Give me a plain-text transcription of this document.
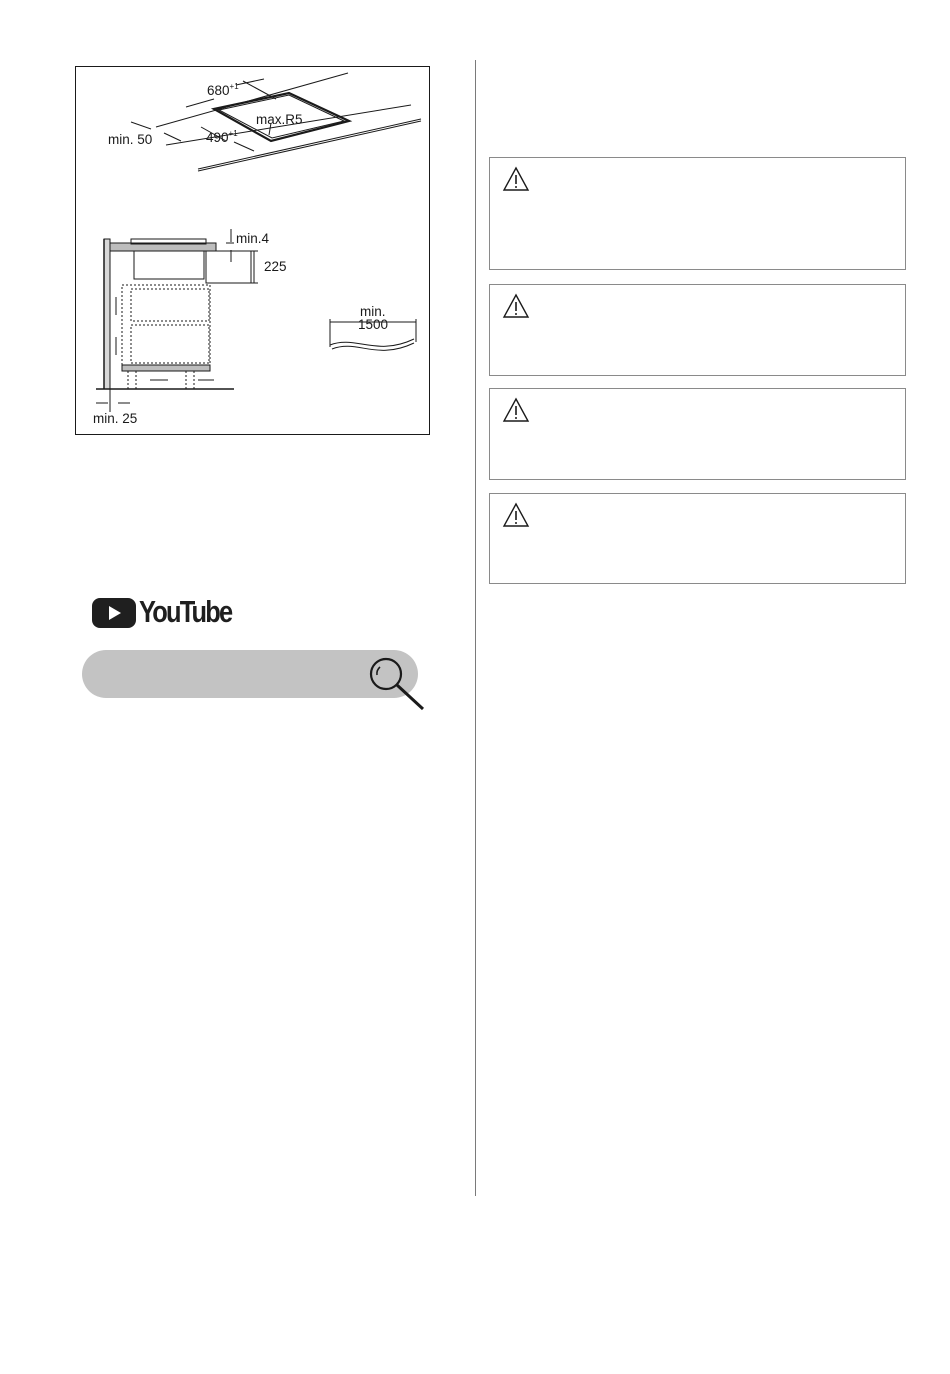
$680^{+1}$
max.R5
$490^{+1}$
min. 50
min.4
225
min. 25
min.
1500
YouTube
